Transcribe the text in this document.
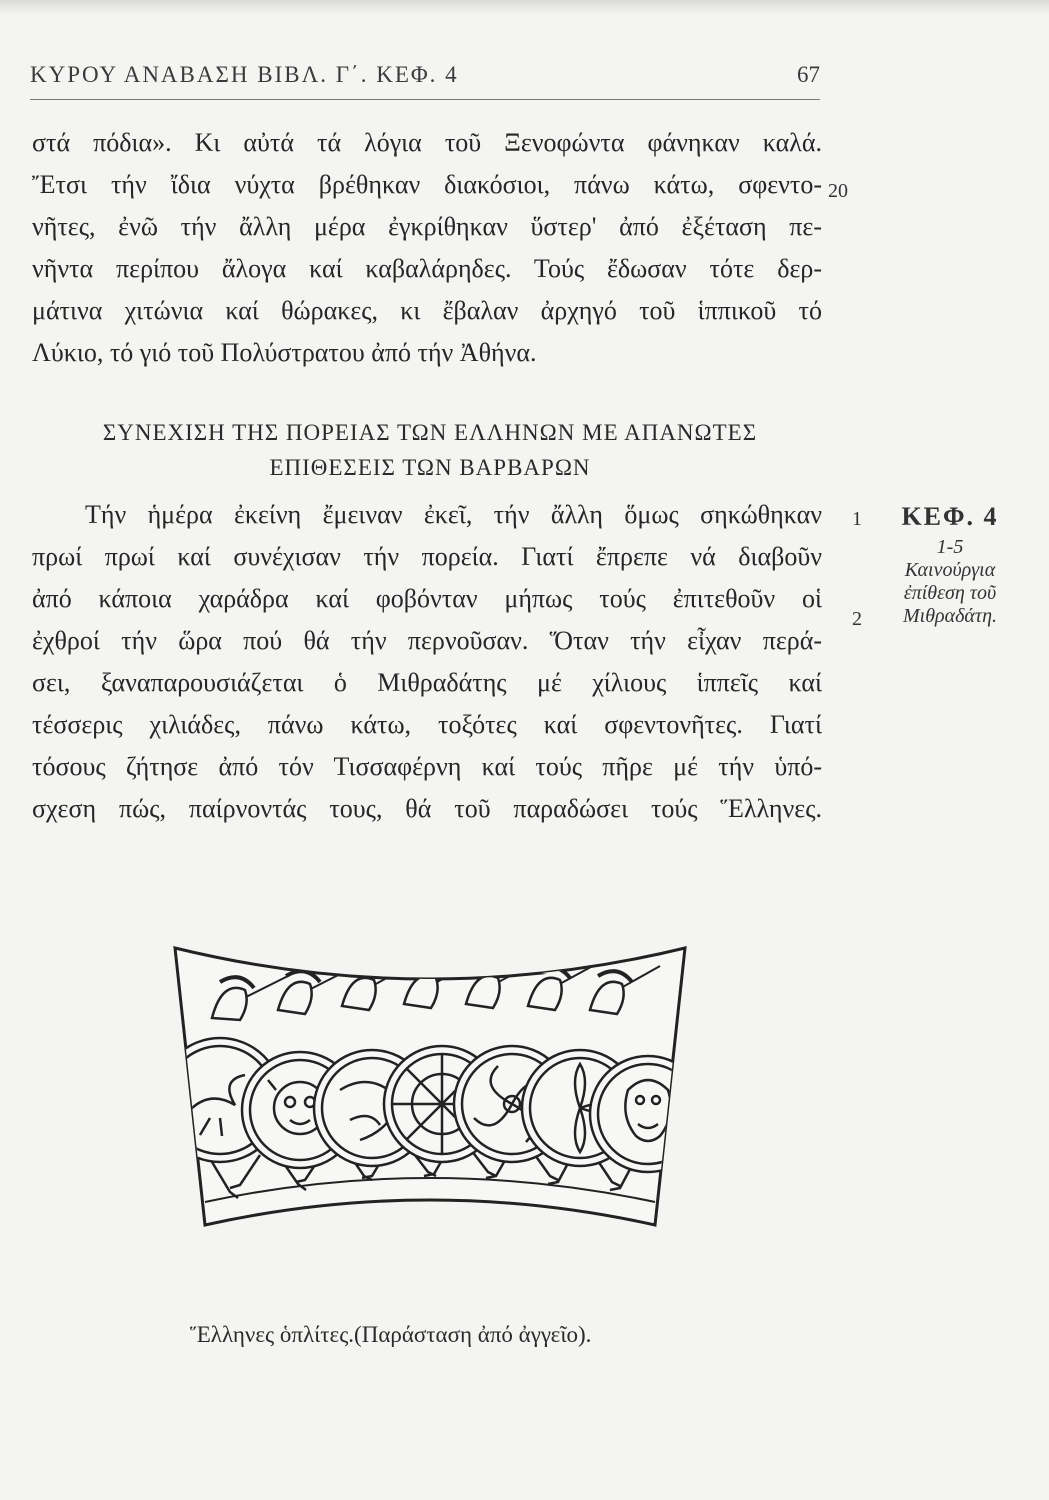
ΚΥΡΟΥ ΑΝΑΒΑΣΗ ΒΙΒΛ. Γ΄. ΚΕΦ. 4	67
στά πόδια». Κι αὐτά τά λόγια τοῦ Ξενοφώντα φάνηκαν καλά.
Ἔτσι τήν ἴδια νύχτα βρέθηκαν διακόσιοι, πάνω κάτω, σφεντο-
νῆτες, ἐνῶ τήν ἄλλη μέρα ἐγκρίθηκαν ὕστερ' ἀπό ἐξέταση πε-
νῆντα περίπου ἄλογα καί καβαλάρηδες. Τούς ἔδωσαν τότε δερ-
μάτινα χιτώνια καί θώρακες, κι ἔβαλαν ἀρχηγό τοῦ ἱππικοῦ τό
Λύκιο, τό γιό τοῦ Πολύστρατου ἀπό τήν Ἀθήνα.
20
ΣΥΝΕΧΙΣΗ ΤΗΣ ΠΟΡΕΙΑΣ ΤΩΝ ΕΛΛΗΝΩΝ ΜΕ ΑΠΑΝΩΤΕΣ
ΕΠΙΘΕΣΕΙΣ ΤΩΝ ΒΑΡΒΑΡΩΝ
Τήν ἡμέρα ἐκείνη ἔμειναν ἐκεῖ, τήν ἄλλη ὅμως σηκώθηκαν
πρωί πρωί καί συνέχισαν τήν πορεία. Γιατί ἔπρεπε νά διαβοῦν
ἀπό κάποια χαράδρα καί φοβόνταν μήπως τούς ἐπιτεθοῦν οἱ
ἐχθροί τήν ὥρα πού θά τήν περνοῦσαν. Ὅταν τήν εἶχαν περά-
σει, ξαναπαρουσιάζεται ὁ Μιθραδάτης μέ χίλιους ἱππεῖς καί
τέσσερις χιλιάδες, πάνω κάτω, τοξότες καί σφεντονῆτες. Γιατί
τόσους ζήτησε ἀπό τόν Τισσαφέρνη καί τούς πῆρε μέ τήν ὑπό-
σχεση πώς, παίρνοντάς τους, θά τοῦ παραδώσει τούς Ἕλληνες.
1
2
ΚΕΦ. 4
1-5
Καινούργια
ἐπίθεση τοῦ
Μιθραδάτη.
Ἕλληνες ὁπλίτες.(Παράσταση ἀπό ἀγγεῖο).
